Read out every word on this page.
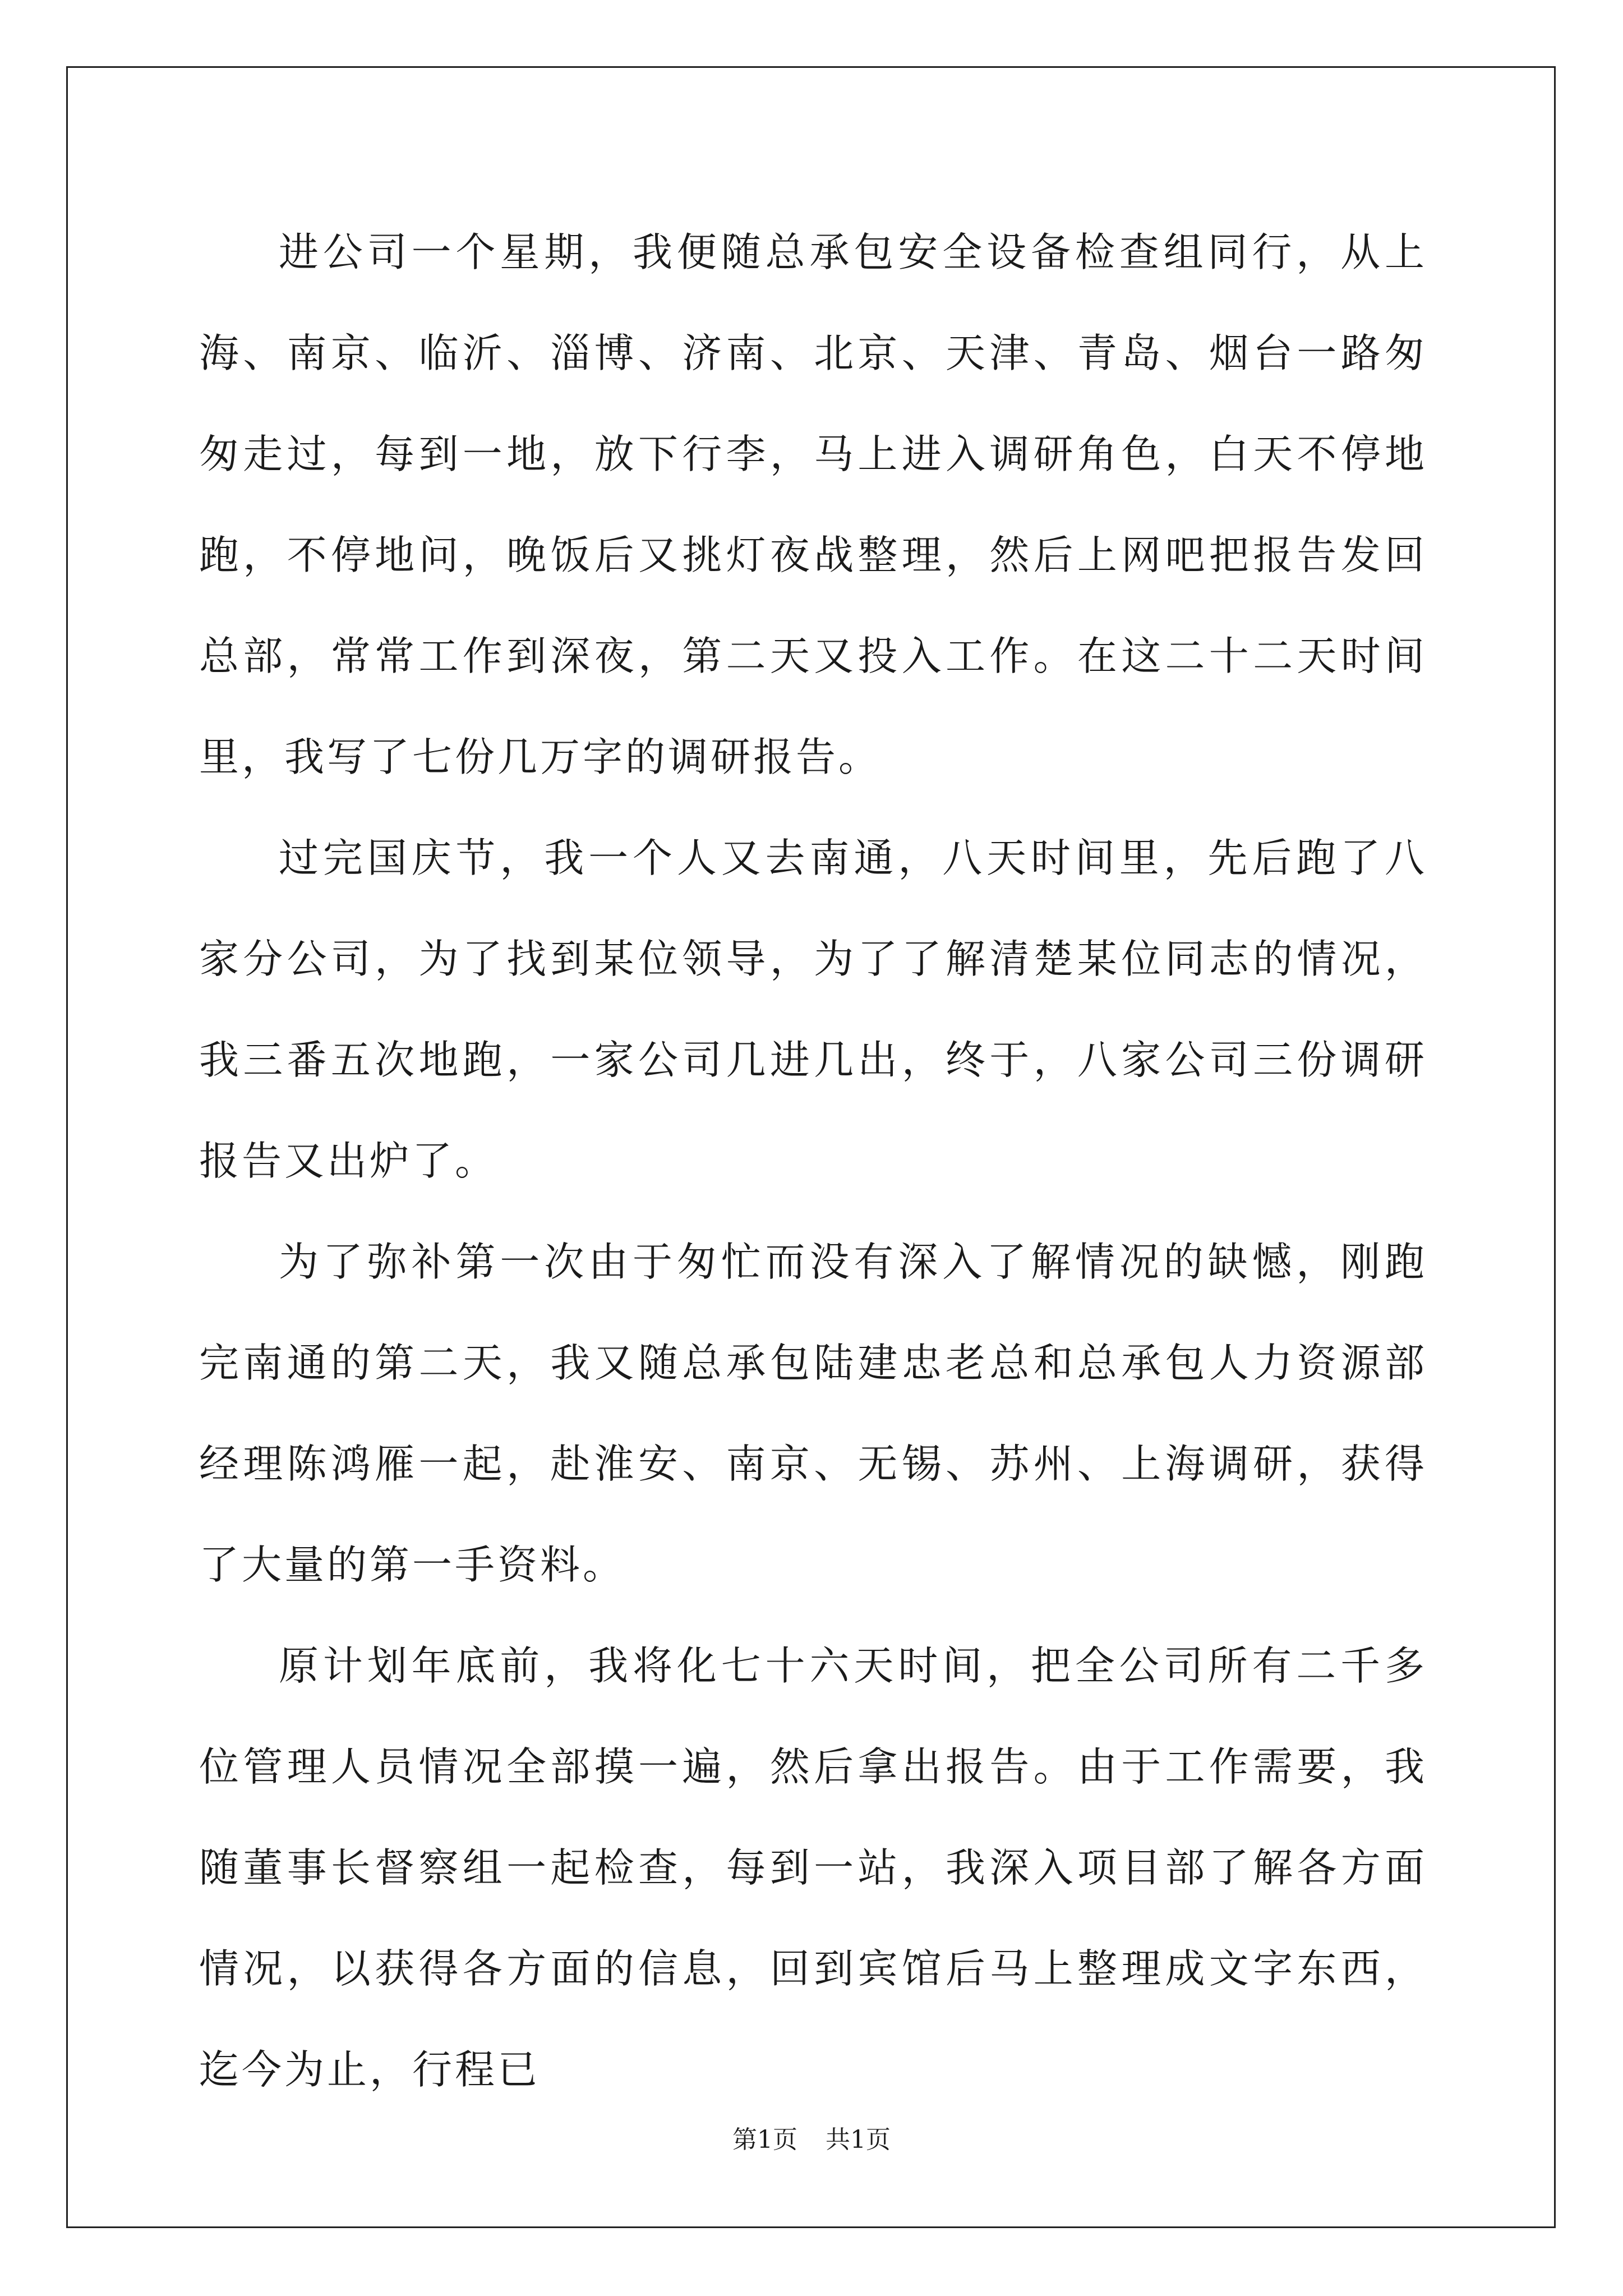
进公司一个星期，我便随总承包安全设备检查组同行，从上海、南京、临沂、淄博、济南、北京、天津、青岛、烟台一路匆匆走过，每到一地，放下行李，马上进入调研角色，白天不停地跑，不停地问，晚饭后又挑灯夜战整理，然后上网吧把报告发回总部，常常工作到深夜，第二天又投入工作。在这二十二天时间里，我写了七份几万字的调研报告。

过完国庆节，我一个人又去南通，八天时间里，先后跑了八家分公司，为了找到某位领导，为了了解清楚某位同志的情况，我三番五次地跑，一家公司几进几出，终于，八家公司三份调研报告又出炉了。

为了弥补第一次由于匆忙而没有深入了解情况的缺憾，刚跑完南通的第二天，我又随总承包陆建忠老总和总承包人力资源部经理陈鸿雁一起，赴淮安、南京、无锡、苏州、上海调研，获得了大量的第一手资料。

原计划年底前，我将化七十六天时间，把全公司所有二千多位管理人员情况全部摸一遍，然后拿出报告。由于工作需要，我随董事长督察组一起检查，每到一站，我深入项目部了解各方面情况，以获得各方面的信息，回到宾馆后马上整理成文字东西，迄今为止，行程已

第1页 共1页
